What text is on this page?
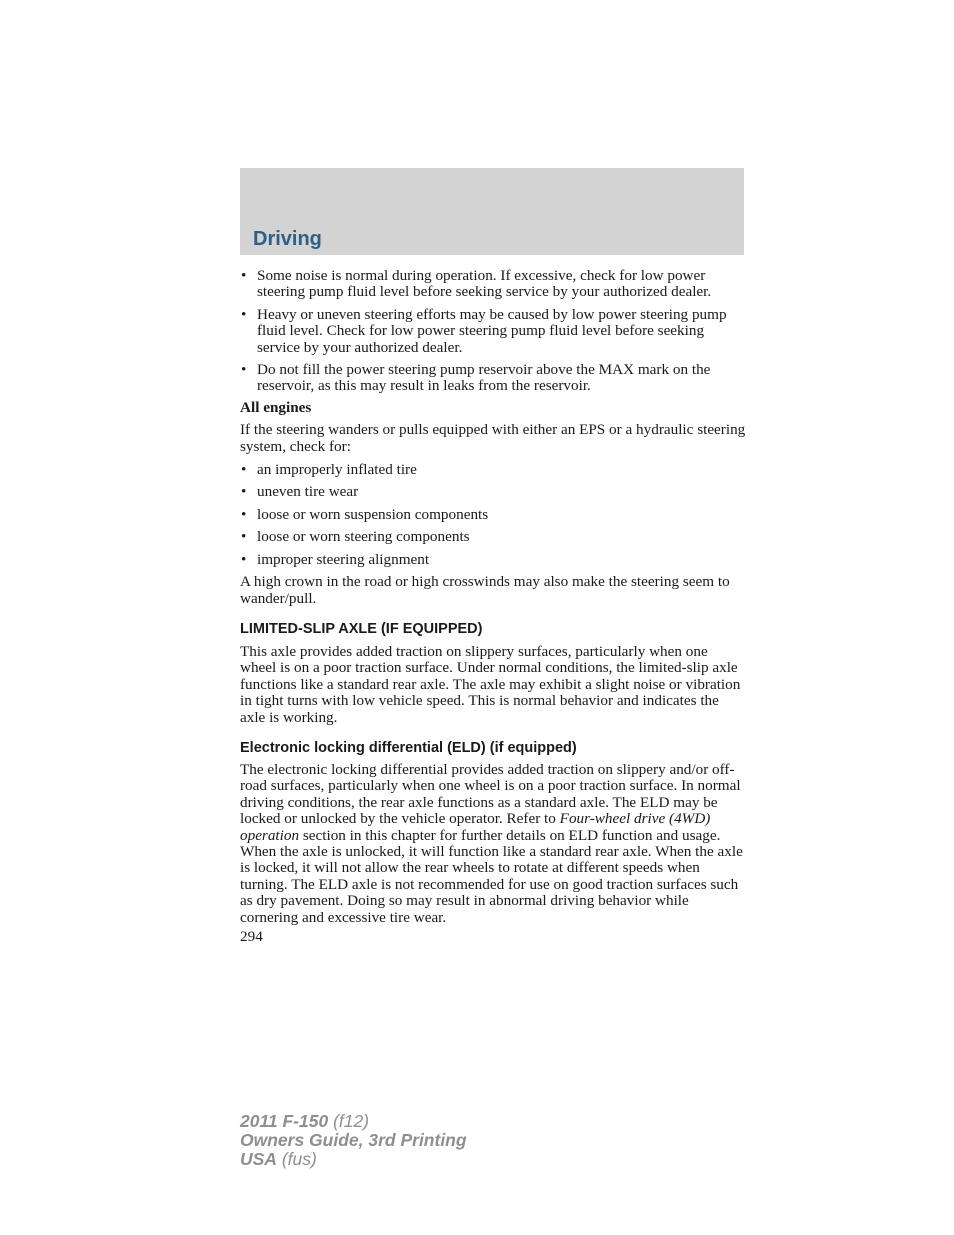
Driving
• Some noise is normal during operation. If excessive, check for low power steering pump fluid level before seeking service by your authorized dealer.
• Heavy or uneven steering efforts may be caused by low power steering pump fluid level. Check for low power steering pump fluid level before seeking service by your authorized dealer.
• Do not fill the power steering pump reservoir above the MAX mark on the reservoir, as this may result in leaks from the reservoir.
All engines

If the steering wanders or pulls equipped with either an EPS or a hydraulic steering system, check for:

• an improperly inflated tire
• uneven tire wear
• loose or worn suspension components
• loose or worn steering components
• improper steering alignment

A high crown in the road or high crosswinds may also make the steering seem to wander/pull.

LIMITED-SLIP AXLE (IF EQUIPPED)

This axle provides added traction on slippery surfaces, particularly when one wheel is on a poor traction surface. Under normal conditions, the limited-slip axle functions like a standard rear axle. The axle may exhibit a slight noise or vibration in tight turns with low vehicle speed. This is normal behavior and indicates the axle is working.

Electronic locking differential (ELD) (if equipped)

The electronic locking differential provides added traction on slippery and/or off-road surfaces, particularly when one wheel is on a poor traction surface. In normal driving conditions, the rear axle functions as a standard axle. The ELD may be locked or unlocked by the vehicle operator. Refer to Four-wheel drive (4WD) operation section in this chapter for further details on ELD function and usage. When the axle is unlocked, it will function like a standard rear axle. When the axle is locked, it will not allow the rear wheels to rotate at different speeds when turning. The ELD axle is not recommended for use on good traction surfaces such as dry pavement. Doing so may result in abnormal driving behavior while cornering and excessive tire wear.

294
2011 F-150 (f12)
Owners Guide, 3rd Printing
USA (fus)
